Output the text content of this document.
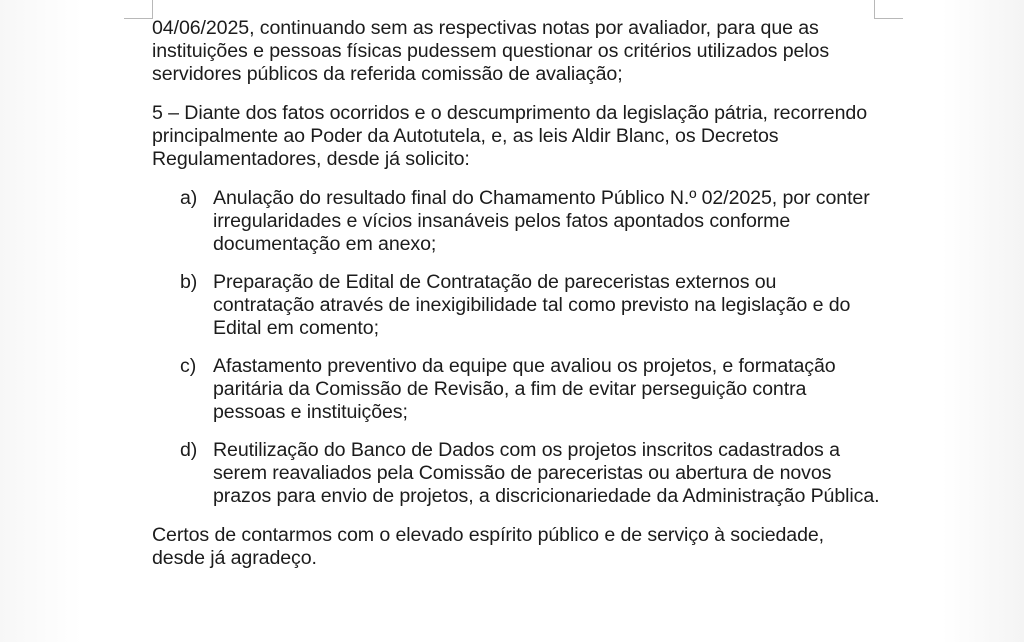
04/06/2025, continuando sem as respectivas notas por avaliador, para que as instituições e pessoas físicas pudessem questionar os critérios utilizados pelos servidores públicos da referida comissão de avaliação;

5 – Diante dos fatos ocorridos e o descumprimento da legislação pátria, recorrendo principalmente ao Poder da Autotutela, e, as leis Aldir Blanc, os Decretos Regulamentadores, desde já solicito:

a) Anulação do resultado final do Chamamento Público N.º 02/2025, por conter irregularidades e vícios insanáveis pelos fatos apontados conforme documentação em anexo;
b) Preparação de Edital de Contratação de pareceristas externos ou contratação através de inexigibilidade tal como previsto na legislação e do Edital em comento;
c) Afastamento preventivo da equipe que avaliou os projetos, e formatação paritária da Comissão de Revisão, a fim de evitar perseguição contra pessoas e instituições;
d) Reutilização do Banco de Dados com os projetos inscritos cadastrados a serem reavaliados pela Comissão de pareceristas ou abertura de novos prazos para envio de projetos, a discricionariedade da Administração Pública.

Certos de contarmos com o elevado espírito público e de serviço à sociedade, desde já agradeço.
